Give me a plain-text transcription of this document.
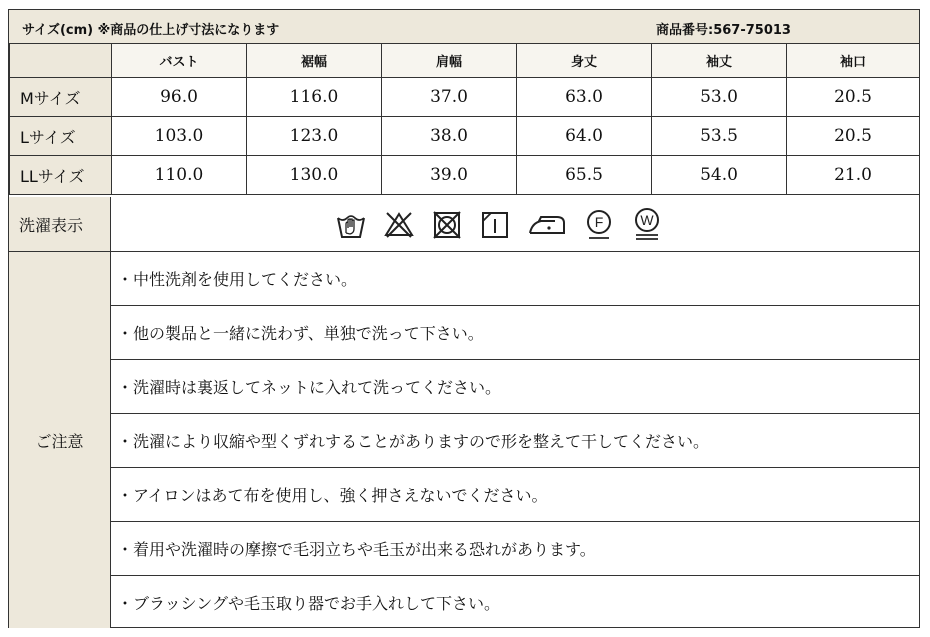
サイズ(cm) ※商品の仕上げ寸法になります	商品番号:567-75013
	バスト	裾幅	肩幅	身丈	袖丈	袖口
Mサイズ	96.0	116.0	37.0	63.0	53.0	20.5
Lサイズ	103.0	123.0	38.0	64.0	53.5	20.5
LLサイズ	110.0	130.0	39.0	65.5	54.0	21.0
洗濯表示	F	W
ご注意
・中性洗剤を使用してください。
・他の製品と一緒に洗わず、単独で洗って下さい。
・洗濯時は裏返してネットに入れて洗ってください。
・洗濯により収縮や型くずれすることがありますので形を整えて干してください。
・アイロンはあて布を使用し、強く押さえないでください。
・着用や洗濯時の摩擦で毛羽立ちや毛玉が出来る恐れがあります。
・ブラッシングや毛玉取り器でお手入れして下さい。
